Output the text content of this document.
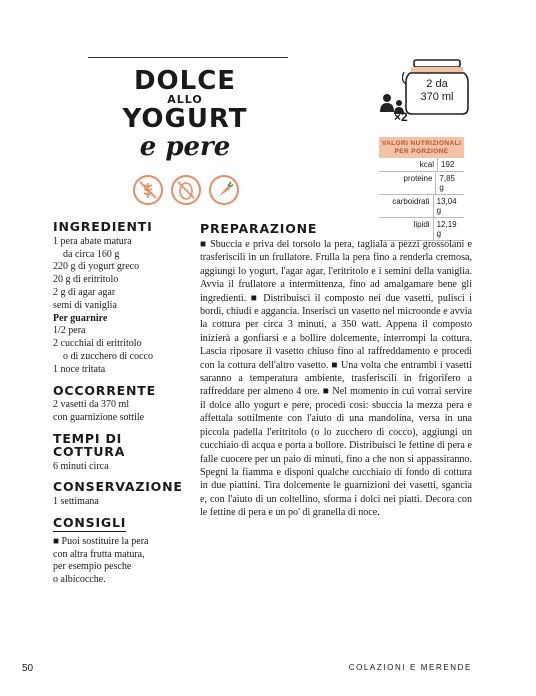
DOLCE
ALLO
YOGURT
e pere
2 da
370 ml
×2
VALORI NUTRIZIONALI PER PORZIONE
kcal 192
proteine 7,85 g
carboidrati 13,04 g
lipidi 12,19 g
INGREDIENTI
1 pera abate matura
da circa 160 g
220 g di yogurt greco
20 g di eritritolo
2 g di agar agar
semi di vaniglia
Per guarnire
1/2 pera
2 cucchiai di eritritolo
o di zucchero di cocco
1 noce tritata
OCCORRENTE
2 vasetti da 370 ml
con guarnizione sottile
TEMPI DI COTTURA
6 minuti circa
CONSERVAZIONE
1 settimana
CONSIGLI
■ Puoi sostituire la pera
con altra frutta matura,
per esempio pesche
o albicocche.
PREPARAZIONE
■ Sbuccia e priva del torsolo la pera, tagliala a pezzi grossolani e trasferiscili in un frullatore. Frulla la pera fino a renderla cremosa, aggiungi lo yogurt, l'agar agar, l'eritritolo e i semini della vaniglia. Avvia il frullatore a intermittenza, fino ad amalgamare bene gli ingredienti. ■ Distribuisci il composto nei due vasetti, pulisci i bordi, chiudi e aggancia. Inserisci un vasetto nel microonde e avvia la cottura per circa 3 minuti, a 350 watt. Appena il composto inizierà a gonfiarsi e a bollire dolcemente, interrompi la cottura. Lascia riposare il vasetto chiuso fino al raffreddamento e procedi con la cottura dell'altro vasetto. ■ Una volta che entrambi i vasetti saranno a temperatura ambiente, trasferiscili in frigorifero a raffreddare per almeno 4 ore. ■ Nel momento in cui vorrai servire il dolce allo yogurt e pere, procedi così: sbuccia la mezza pera e affettala sottilmente con l'aiuto di una mandolina, versa in una piccola padella l'eritritolo (o lo zucchero di cocco), aggiungi un cucchiaio di acqua e porta a bollore. Distribuisci le fettine di pera e falle cuocere per un paio di minuti, fino a che non si appassiranno. Spegni la fiamma e disponi qualche cucchiaio di fondo di cottura in due piattini. Tira dolcemente le guarnizioni dei vasetti, sgancia e, con l'aiuto di un coltellino, sforma i dolci nei piatti. Decora con le fettine di pera e un po' di granella di noce.
50	COLAZIONI E MERENDE
